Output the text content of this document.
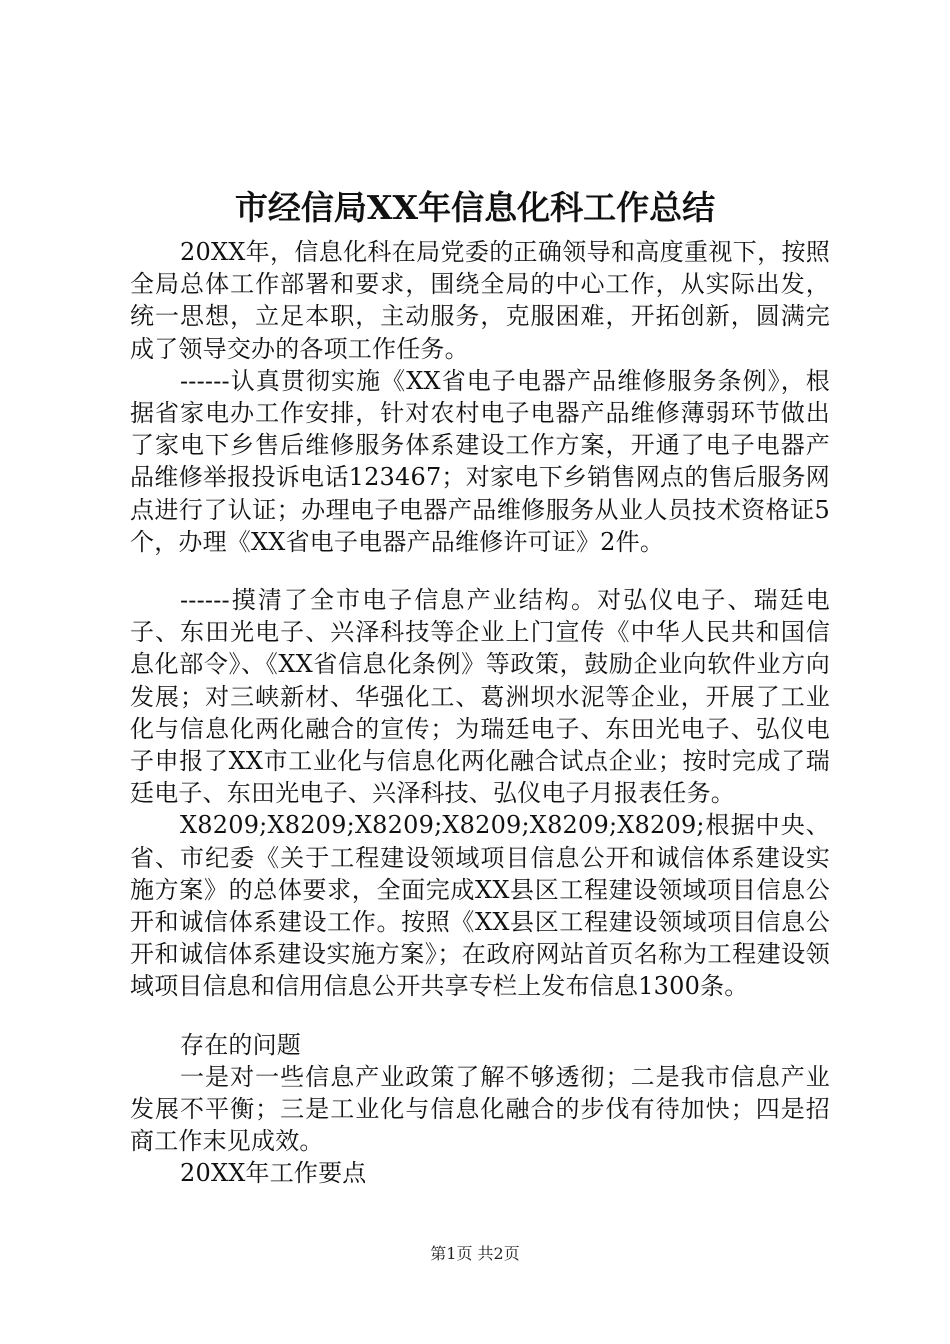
市经信局XX年信息化科工作总结

20XX年，信息化科在局党委的正确领导和高度重视下，按照全局总体工作部署和要求，围绕全局的中心工作，从实际出发，统一思想，立足本职，主动服务，克服困难，开拓创新，圆满完成了领导交办的各项工作任务。

------认真贯彻实施《XX省电子电器产品维修服务条例》，根据省家电办工作安排，针对农村电子电器产品维修薄弱环节做出了家电下乡售后维修服务体系建设工作方案，开通了电子电器产品维修举报投诉电话123467；对家电下乡销售网点的售后服务网点进行了认证；办理电子电器产品维修服务从业人员技术资格证5个，办理《XX省电子电器产品维修许可证》2件。

------摸清了全市电子信息产业结构。对弘仪电子、瑞廷电子、东田光电子、兴泽科技等企业上门宣传《中华人民共和国信息化部令》、《XX省信息化条例》等政策，鼓励企业向软件业方向发展；对三峡新材、华强化工、葛洲坝水泥等企业，开展了工业化与信息化两化融合的宣传；为瑞廷电子、东田光电子、弘仪电子申报了XX市工业化与信息化两化融合试点企业；按时完成了瑞廷电子、东田光电子、兴泽科技、弘仪电子月报表任务。

X8209;X8209;X8209;X8209;X8209;X8209;根据中央、省、市纪委《关于工程建设领域项目信息公开和诚信体系建设实施方案》的总体要求，全面完成XX县区工程建设领域项目信息公开和诚信体系建设工作。按照《XX县区工程建设领域项目信息公开和诚信体系建设实施方案》；在政府网站首页名称为工程建设领域项目信息和信用信息公开共享专栏上发布信息1300条。

存在的问题

一是对一些信息产业政策了解不够透彻；二是我市信息产业发展不平衡；三是工业化与信息化融合的步伐有待加快；四是招商工作末见成效。

20XX年工作要点

第1页 共2页
